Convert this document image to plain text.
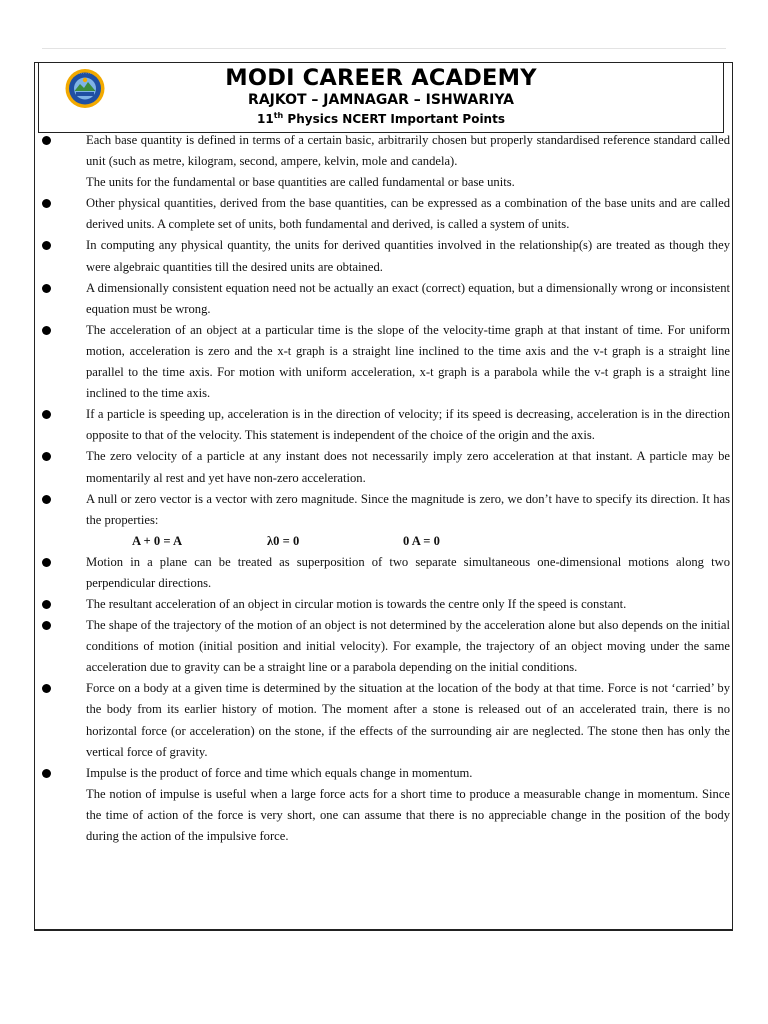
· · · · · ·	MODI CAREER ACADEMY
RAJKOT – JAMNAGAR – ISHWARIYA
11th Physics NCERT Important Points

Each base quantity is defined in terms of a certain basic, arbitrarily chosen but properly standardised reference standard called unit (such as metre, kilogram, second, ampere, kelvin, mole and candela).

The units for the fundamental or base quantities are called fundamental or base units.

Other physical quantities, derived from the base quantities, can be expressed as a combination of the base units and are called derived units. A complete set of units, both fundamental and derived, is called a system of units.

In computing any physical quantity, the units for derived quantities involved in the relationship(s) are treated as though they were algebraic quantities till the desired units are obtained.

A dimensionally consistent equation need not be actually an exact (correct) equation, but a dimensionally wrong or inconsistent equation must be wrong.

The acceleration of an object at a particular time is the slope of the velocity-time graph at that instant of time. For uniform motion, acceleration is zero and the x-t graph is a straight line inclined to the time axis and the v-t graph is a straight line parallel to the time axis. For motion with uniform acceleration, x-t graph is a parabola while the v-t graph is a straight line inclined to the time axis.

If a particle is speeding up, acceleration is in the direction of velocity; if its speed is decreasing, acceleration is in the direction opposite to that of the velocity. This statement is independent of the choice of the origin and the axis.

The zero velocity of a particle at any instant does not necessarily imply zero acceleration at that instant. A particle may be momentarily al rest and yet have non-zero acceleration.

A null or zero vector is a vector with zero magnitude. Since the magnitude is zero, we don’t have to specify its direction. It has the properties:

A + 0 = A	λ0 = 0	0 A = 0

Motion in a plane can be treated as superposition of two separate simultaneous one-dimensional motions along two perpendicular directions.

The resultant acceleration of an object in circular motion is towards the centre only If the speed is constant.

The shape of the trajectory of the motion of an object is not determined by the acceleration alone but also depends on the initial conditions of motion (initial position and initial velocity). For example, the trajectory of an object moving under the same acceleration due to gravity can be a straight line or a parabola depending on the initial conditions.

Force on a body at a given time is determined by the situation at the location of the body at that time. Force is not ‘carried’ by the body from its earlier history of motion. The moment after a stone is released out of an accelerated train, there is no horizontal force (or acceleration) on the stone, if the effects of the surrounding air are neglected. The stone then has only the vertical force of gravity.

Impulse is the product of force and time which equals change in momentum.

The notion of impulse is useful when a large force acts for a short time to produce a measurable change in momentum. Since the time of action of the force is very short, one can assume that there is no appreciable change in the position of the body during the action of the impulsive force.
